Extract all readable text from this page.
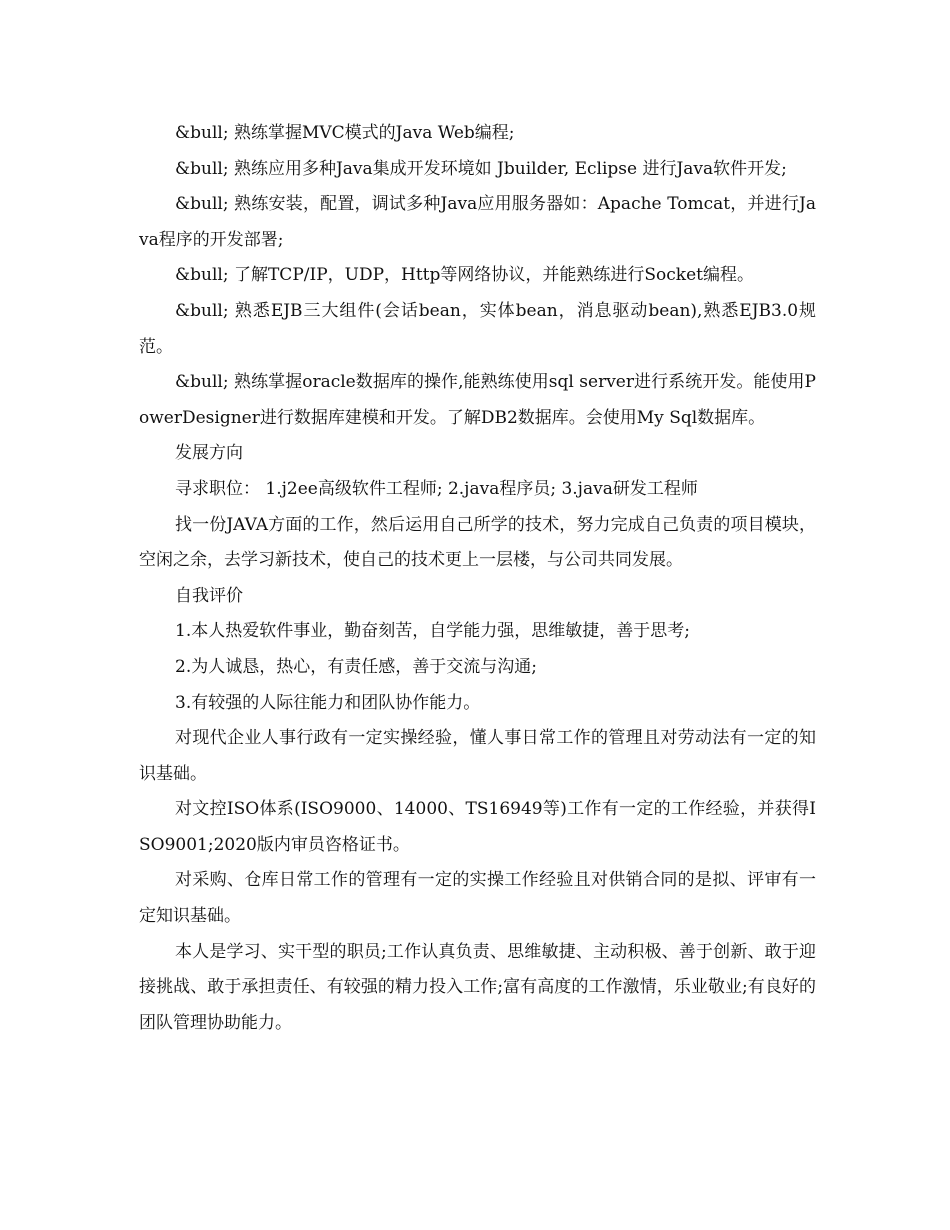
&bull; 熟练掌握MVC模式的Java Web编程;

&bull; 熟练应用多种Java集成开发环境如 Jbuilder, Eclipse 进行Java软件开发;

&bull; 熟练安装，配置，调试多种Java应用服务器如：Apache Tomcat，并进行Java程序的开发部署;

&bull; 了解TCP/IP，UDP，Http等网络协议，并能熟练进行Socket编程。

&bull; 熟悉EJB三大组件(会话bean，实体bean，消息驱动bean),熟悉EJB3.0规范。

&bull; 熟练掌握oracle数据库的操作,能熟练使用sql server进行系统开发。能使用PowerDesigner进行数据库建模和开发。了解DB2数据库。会使用My Sql数据库。

发展方向

寻求职位： 1.j2ee高级软件工程师; 2.java程序员; 3.java研发工程师

找一份JAVA方面的工作，然后运用自己所学的技术，努力完成自己负责的项目模块，空闲之余，去学习新技术，使自己的技术更上一层楼，与公司共同发展。

自我评价

1.本人热爱软件事业，勤奋刻苦，自学能力强，思维敏捷，善于思考;

2.为人诚恳，热心，有责任感，善于交流与沟通;

3.有较强的人际往能力和团队协作能力。

对现代企业人事行政有一定实操经验，懂人事日常工作的管理且对劳动法有一定的知识基础。

对文控ISO体系(ISO9000、14000、TS16949等)工作有一定的工作经验，并获得ISO9001;2020版内审员咨格证书。

对采购、仓库日常工作的管理有一定的实操工作经验且对供销合同的是拟、评审有一定知识基础。

本人是学习、实干型的职员;工作认真负责、思维敏捷、主动积极、善于创新、敢于迎接挑战、敢于承担责任、有较强的精力投入工作;富有高度的工作激情，乐业敬业;有良好的团队管理协助能力。
